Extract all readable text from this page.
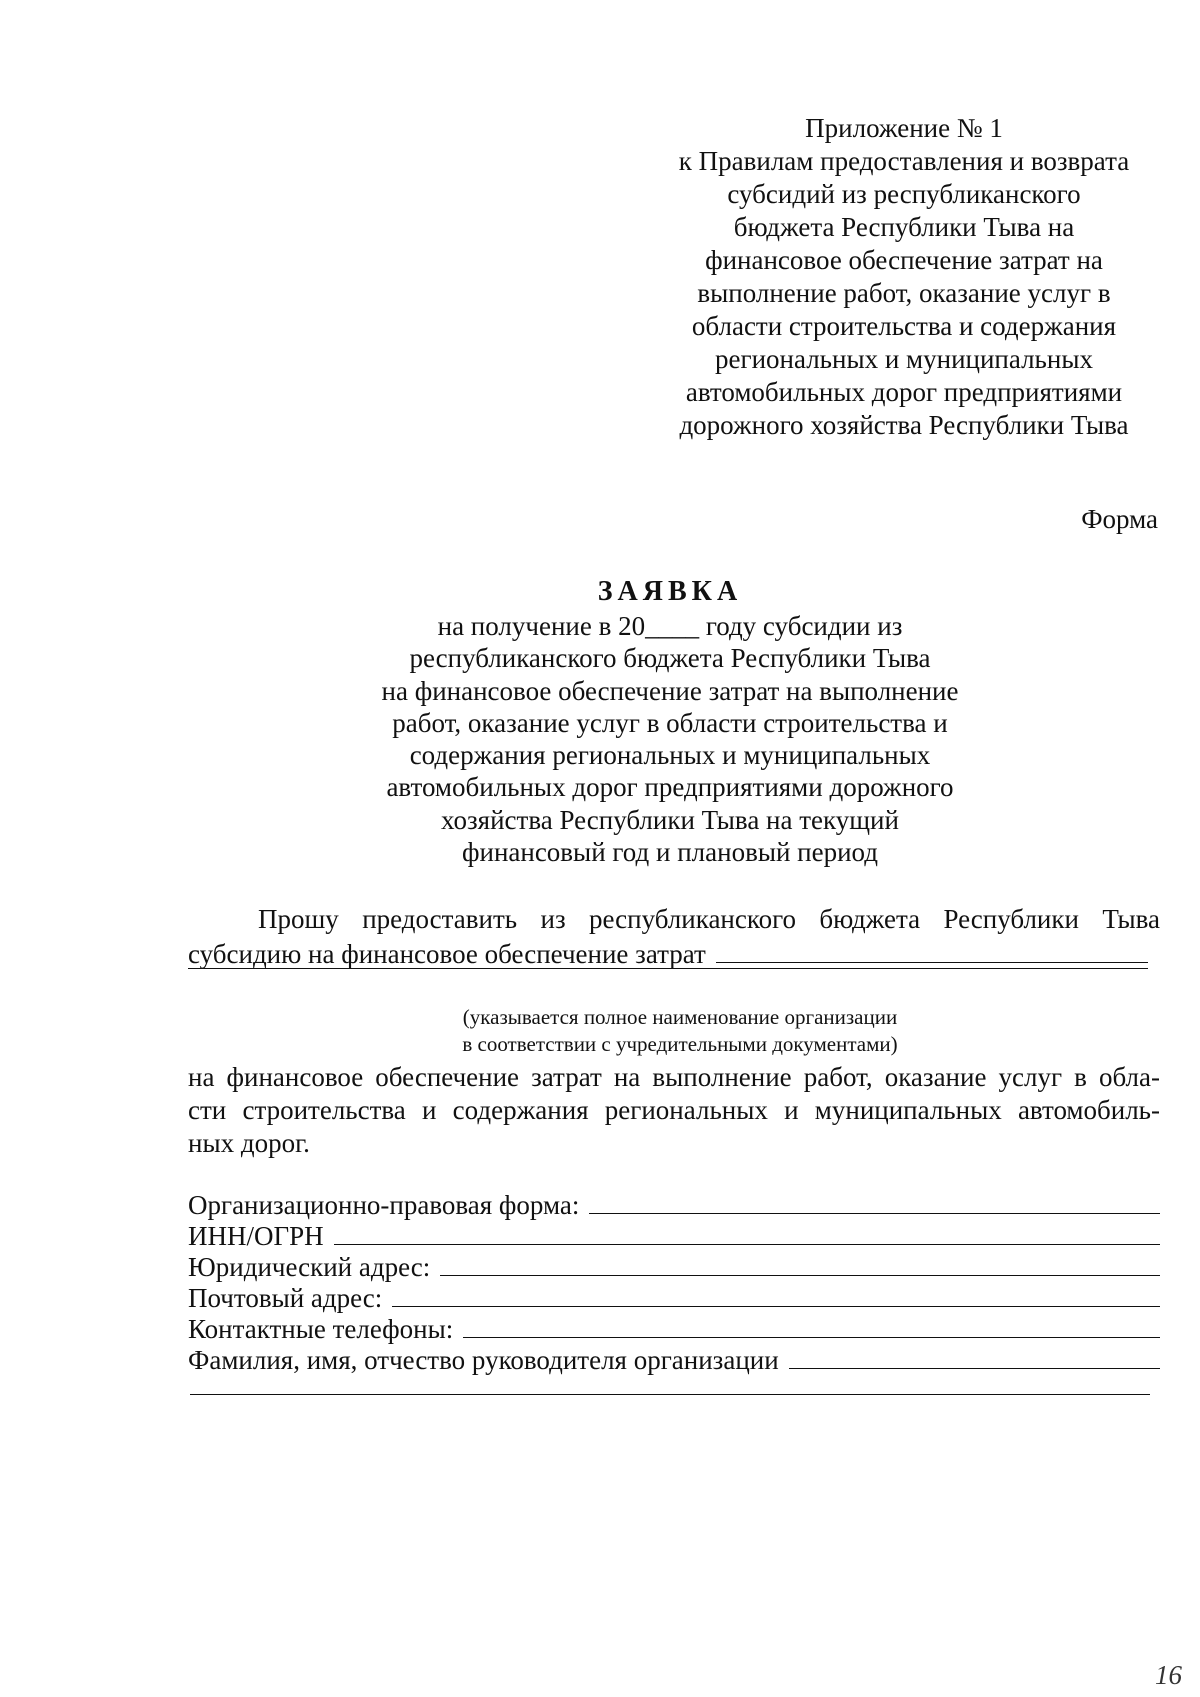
Приложение № 1
к Правилам предоставления и возврата
субсидий из республиканского
бюджета Республики Тыва на
финансовое обеспечение затрат на
выполнение работ, оказание услуг в
области строительства и содержания
региональных и муниципальных
автомобильных дорог предприятиями
дорожного хозяйства Республики Тыва
Форма
ЗАЯВКА
на получение в 20____ году субсидии из
республиканского бюджета Республики Тыва
на финансовое обеспечение затрат на выполнение
работ, оказание услуг в области строительства и
содержания региональных и муниципальных
автомобильных дорог предприятиями дорожного
хозяйства Республики Тыва на текущий
финансовый год и плановый период
Прошу предоставить из республиканского бюджета Республики Тыва
субсидию на финансовое обеспечение затрат
(указывается полное наименование организации
в соответствии с учредительными документами)
на финансовое обеспечение затрат на выполнение работ, оказание услуг в обла-
сти строительства и содержания региональных и муниципальных автомобиль-
ных дорог.
Организационно-правовая форма:
ИНН/ОГРН
Юридический адрес:
Почтовый адрес:
Контактные телефоны:
Фамилия, имя, отчество руководителя организации
16
